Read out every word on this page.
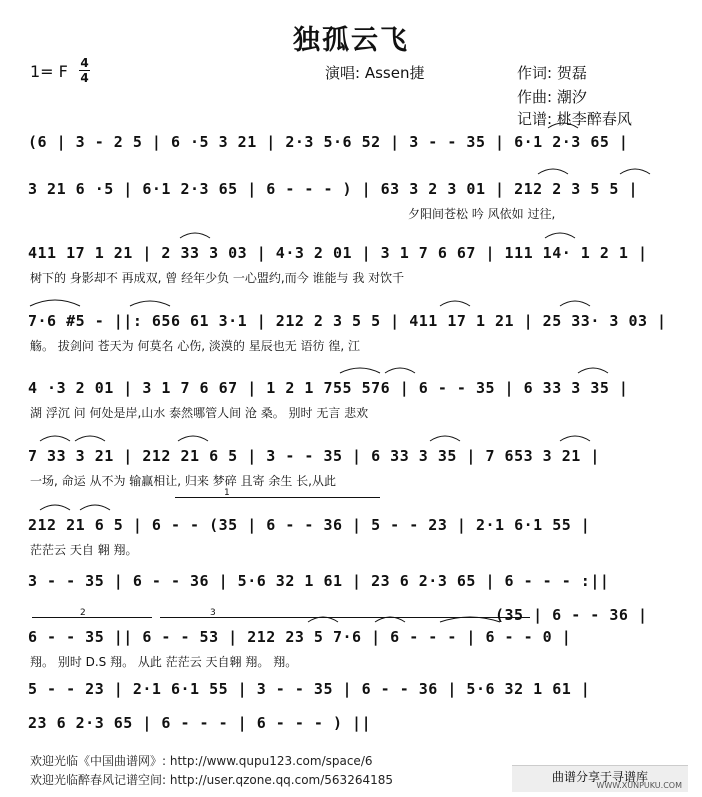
独孤云飞
1= F 4
4	演唱: Assen捷	作词: 贺磊
作曲: 潮汐
记谱: 桃李醉春风
(6 | 3 - 2 5 | 6 ·5 3 21 | 2·3 5·6 52 | 3 - - 35 | 6·1 2·3 65 |
3 21 6 ·5 | 6·1 2·3 65 | 6 - - - ) | 63 3 2 3 01 | 212 2 3 5 5 |
夕阳间苍松 吟 风依如 过往,
411 17 1 21 | 2 33 3 03 | 4·3 2 01 | 3 1 7 6 67 | 111 14· 1 2 1 |
树下的 身影却不 再成双, 曾 经年少负 一心盟约,而今 谁能与 我 对饮千
7·6 #5 - ||: 656 61 3·1 | 212 2 3 5 5 | 411 17 1 21 | 25 33· 3 03 |
觞。 拔剑问 苍天为 何莫名 心伤, 淡漠的 星辰也无 语彷 徨, 江
4 ·3 2 01 | 3 1 7 6 67 | 1 2 1 755 576 | 6 - - 35 | 6 33 3 35 |
湖 浮沉 问 何处是岸,山水 泰然哪管人间 沧 桑。 别时 无言 悲欢
7 33 3 21 | 212 21 6 5 | 3 - - 35 | 6 33 3 35 | 7 653 3 21 |
一场, 命运 从不为 输赢相让, 归来 梦碎 且寄 余生 长,从此
1
212 21 6 5 | 6 - - (35 | 6 - - 36 | 5 - - 23 | 2·1 6·1 55 |
茫茫云 天自 翱 翔。
3 - - 35 | 6 - - 36 | 5·6 32 1 61 | 23 6 2·3 65 | 6 - - - :||
2	3	(35 | 6 - - 36 |
6 - - 35 || 6 - - 53 | 212 23 5 7·6 | 6 - - - | 6 - - 0 |
翔。 别时 D.S 翔。 从此 茫茫云 天自翱 翔。 翔。
5 - - 23 | 2·1 6·1 55 | 3 - - 35 | 6 - - 36 | 5·6 32 1 61 |
23 6 2·3 65 | 6 - - - | 6 - - - ) ||
欢迎光临《中国曲谱网》: http://www.qupu123.com/space/6
欢迎光临醉春风记谱空间: http://user.qzone.qq.com/563264185	曲谱分享于寻谱库
WWW.XUNPUKU.COM
